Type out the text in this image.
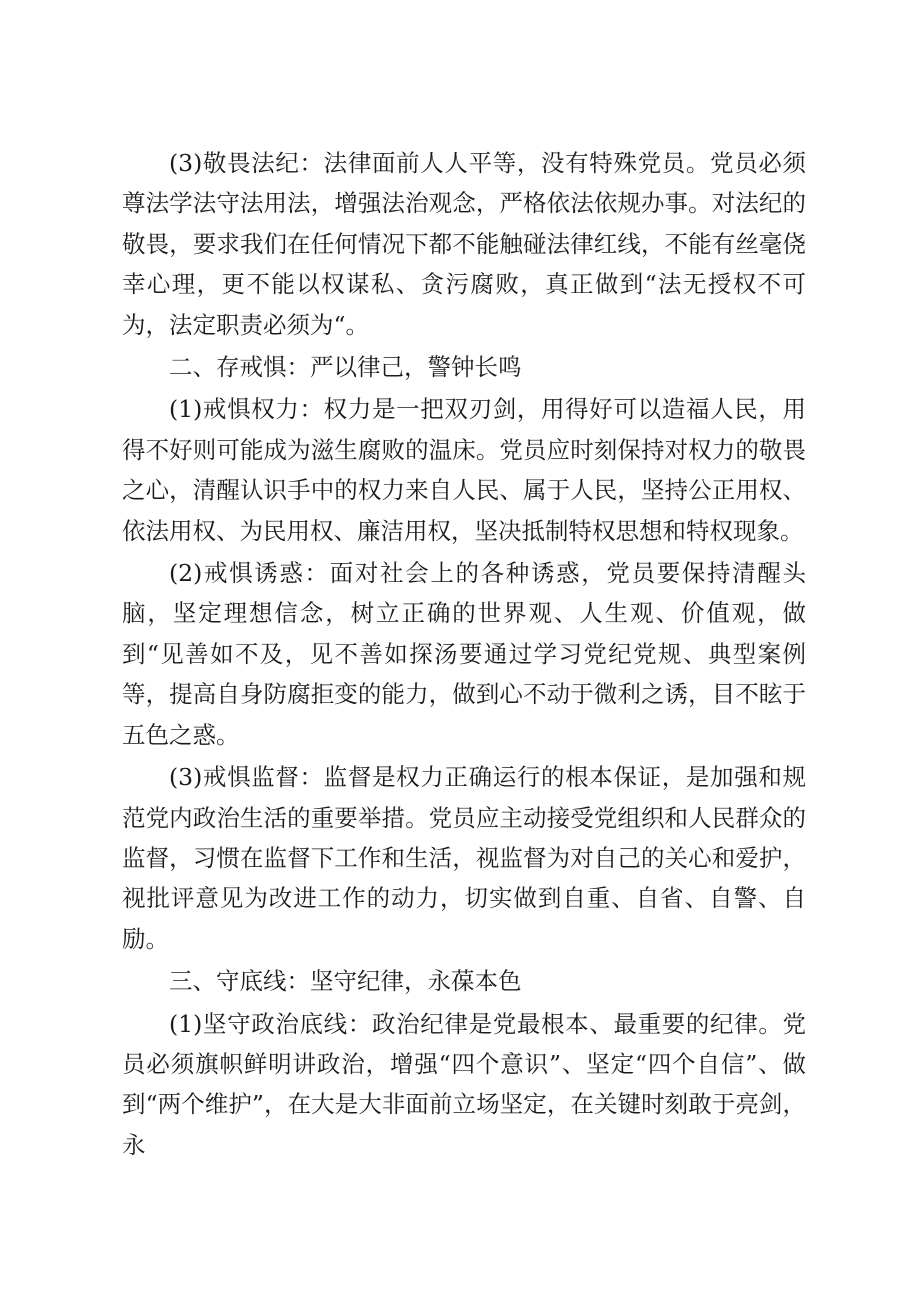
(3)敬畏法纪：法律面前人人平等，没有特殊党员。党员必须尊法学法守法用法，增强法治观念，严格依法依规办事。对法纪的敬畏，要求我们在任何情况下都不能触碰法律红线，不能有丝毫侥幸心理，更不能以权谋私、贪污腐败，真正做到“法无授权不可为，法定职责必须为“。

二、存戒惧：严以律己，警钟长鸣

(1)戒惧权力：权力是一把双刃剑，用得好可以造福人民，用得不好则可能成为滋生腐败的温床。党员应时刻保持对权力的敬畏之心，清醒认识手中的权力来自人民、属于人民，坚持公正用权、依法用权、为民用权、廉洁用权，坚决抵制特权思想和特权现象。

(2)戒惧诱惑：面对社会上的各种诱惑，党员要保持清醒头脑，坚定理想信念，树立正确的世界观、人生观、价值观，做到“见善如不及，见不善如探汤要通过学习党纪党规、典型案例等，提高自身防腐拒变的能力，做到心不动于微利之诱，目不眩于五色之惑。

(3)戒惧监督：监督是权力正确运行的根本保证，是加强和规范党内政治生活的重要举措。党员应主动接受党组织和人民群众的监督，习惯在监督下工作和生活，视监督为对自己的关心和爱护，视批评意见为改进工作的动力，切实做到自重、自省、自警、自励。

三、守底线：坚守纪律，永葆本色

(1)坚守政治底线：政治纪律是党最根本、最重要的纪律。党员必须旗帜鲜明讲政治，增强“四个意识”、坚定“四个自信”、做到“两个维护”，在大是大非面前立场坚定，在关键时刻敢于亮剑，永
